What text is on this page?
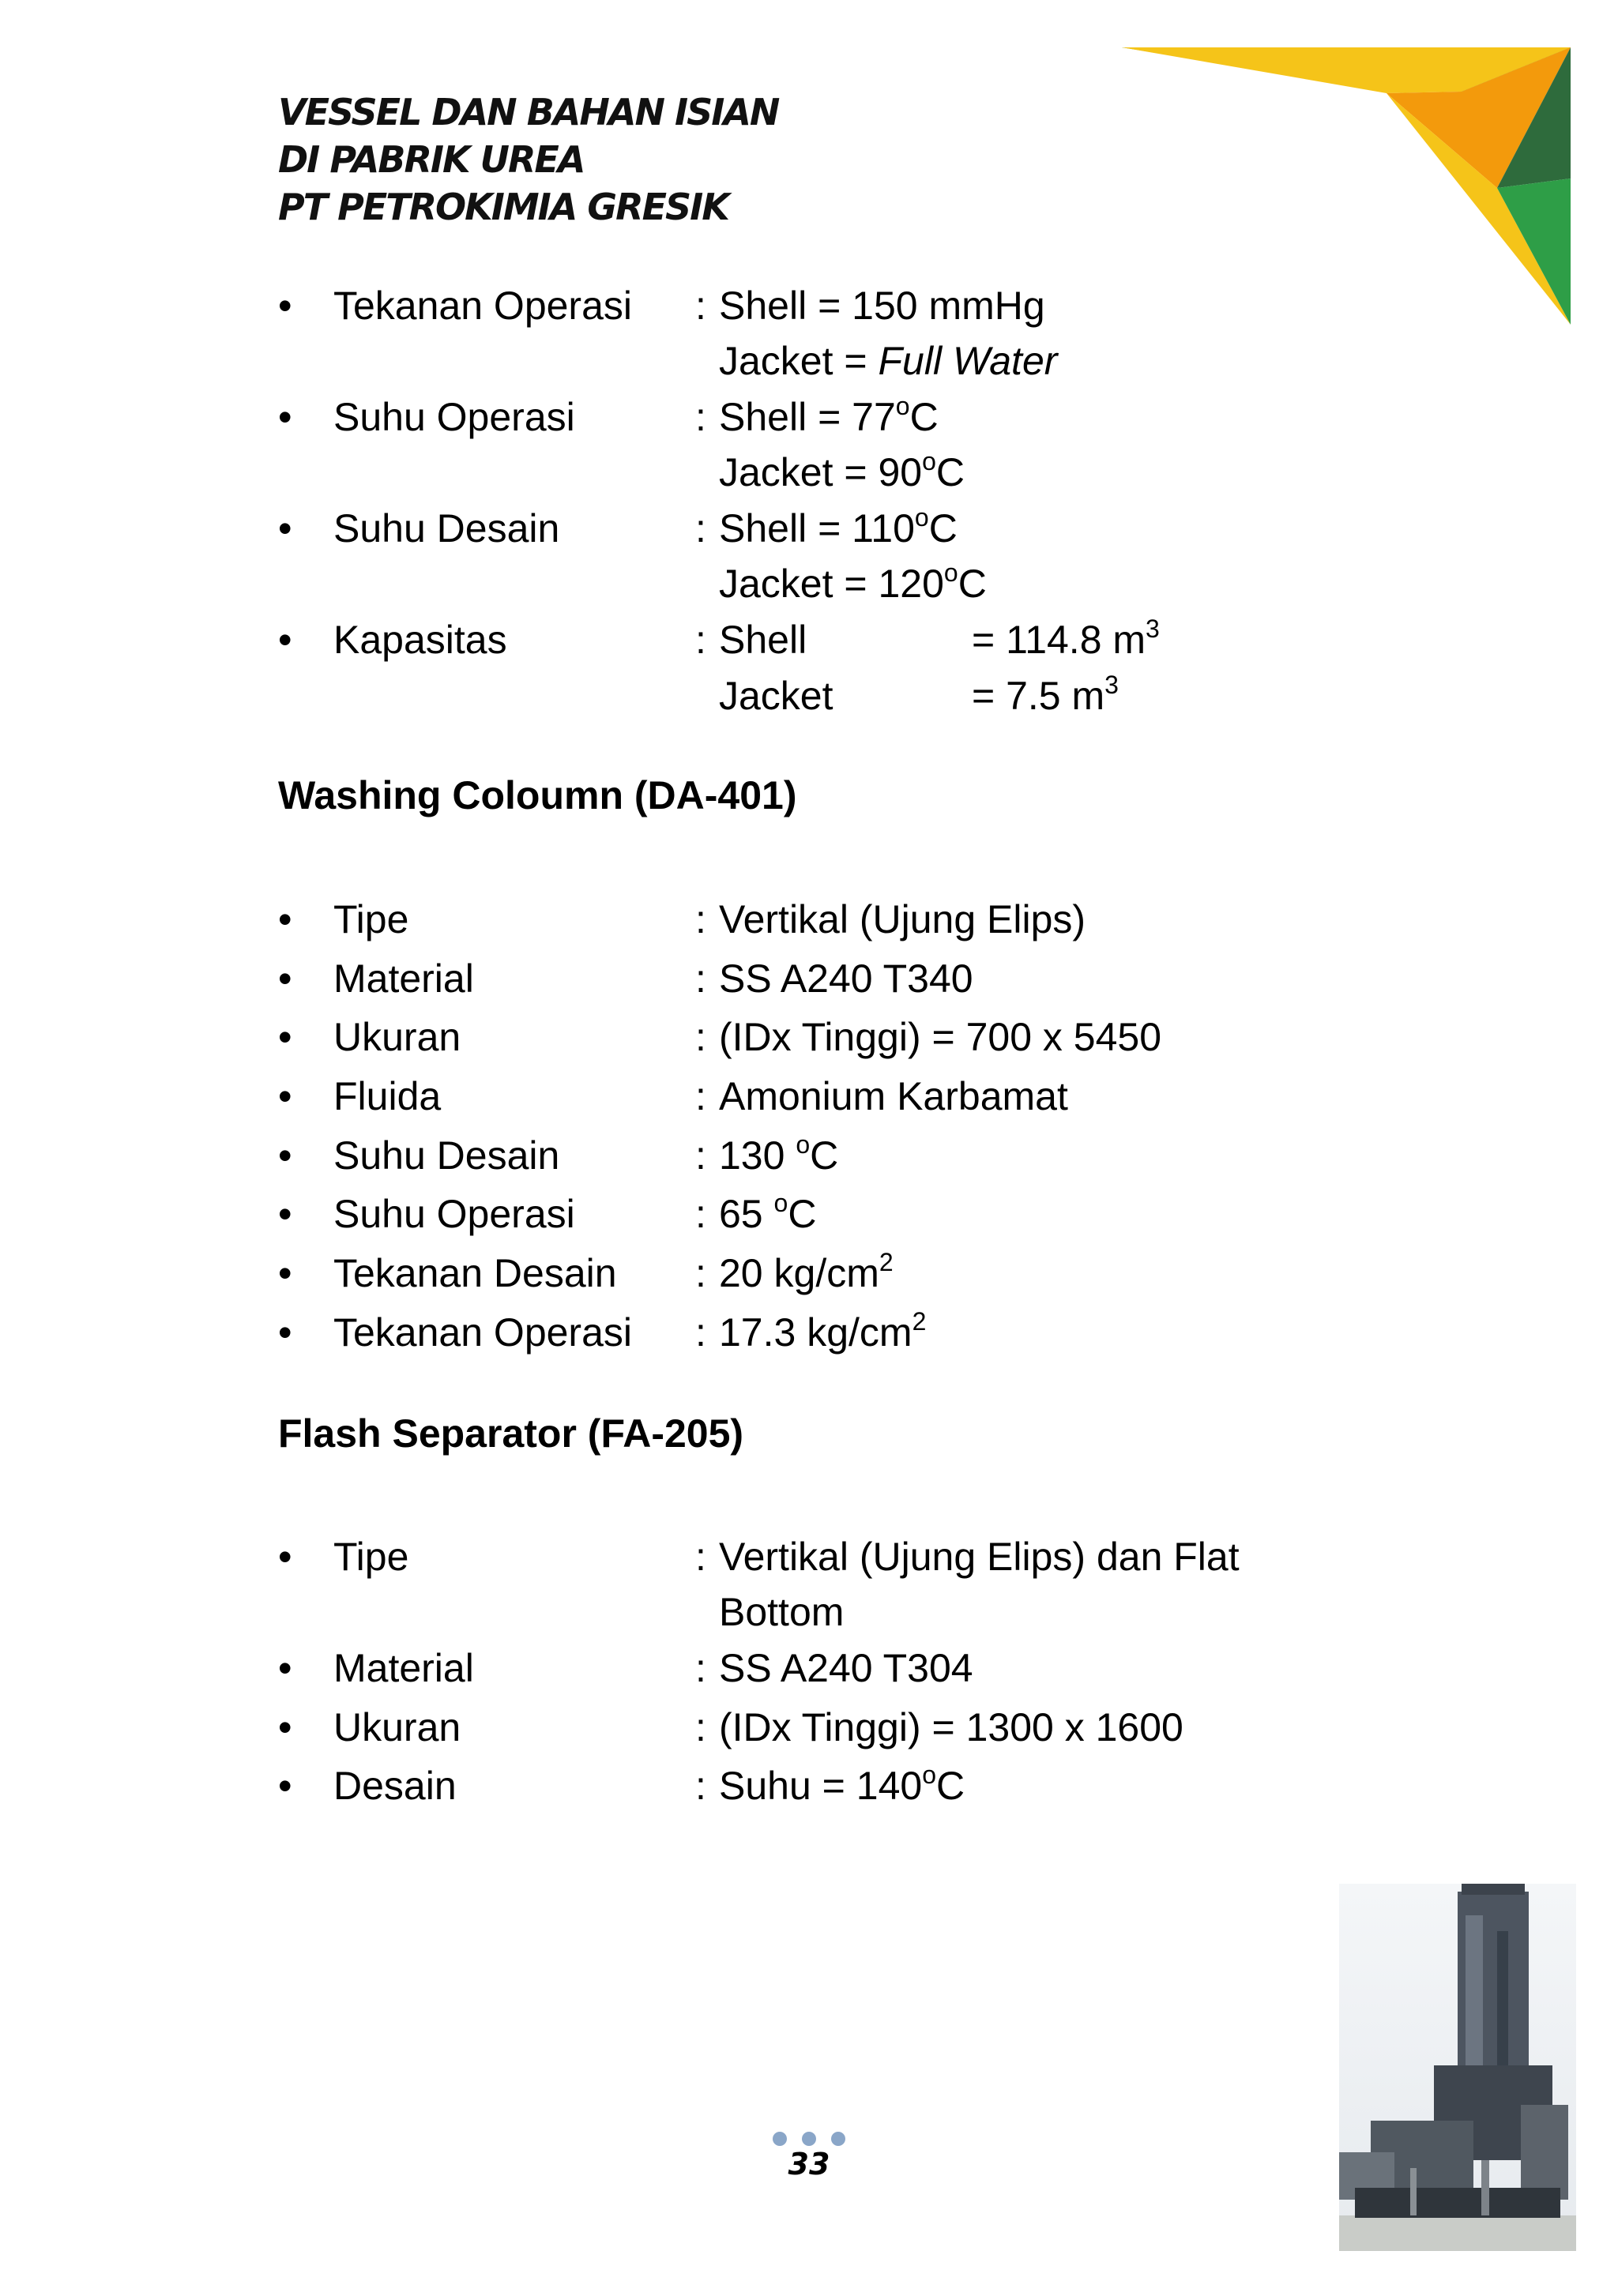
VESSEL DAN BAHAN ISIAN
DI PABRIK UREA
PT PETROKIMIA GRESIK
• Tekanan Operasi : Shell = 150 mmHg
Jacket = Full Water
• Suhu Operasi	: Shell = $77^oC$
Jacket = $90^oC$
• Suhu Desain	: Shell = $110^oC$
Jacket = $120^oC$
• Kapasitas	: Shell	= 114.8 $m^3$
Jacket	= 7.5 $m^3$
Washing Coloumn (DA-401)
• Tipe	: Vertikal (Ujung Elips)
• Material	: SS A240 T340
• Ukuran	: (IDx Tinggi) = 700 x 5450
• Fluida	: Amonium Karbamat
• Suhu Desain	: 130 $^o$C
• Suhu Operasi	: 65 $^o$C
• Tekanan Desain : 20 $kg/cm^2$
• Tekanan Operasi : 17.3 $kg/cm^2$
Flash Separator (FA-205)
• Tipe	: Vertikal (Ujung Elips) dan Flat
Bottom
• Material	: SS A240 T304
• Ukuran	: (IDx Tinggi) = 1300 x 1600
• Desain	: Suhu = $140^oC$
33
